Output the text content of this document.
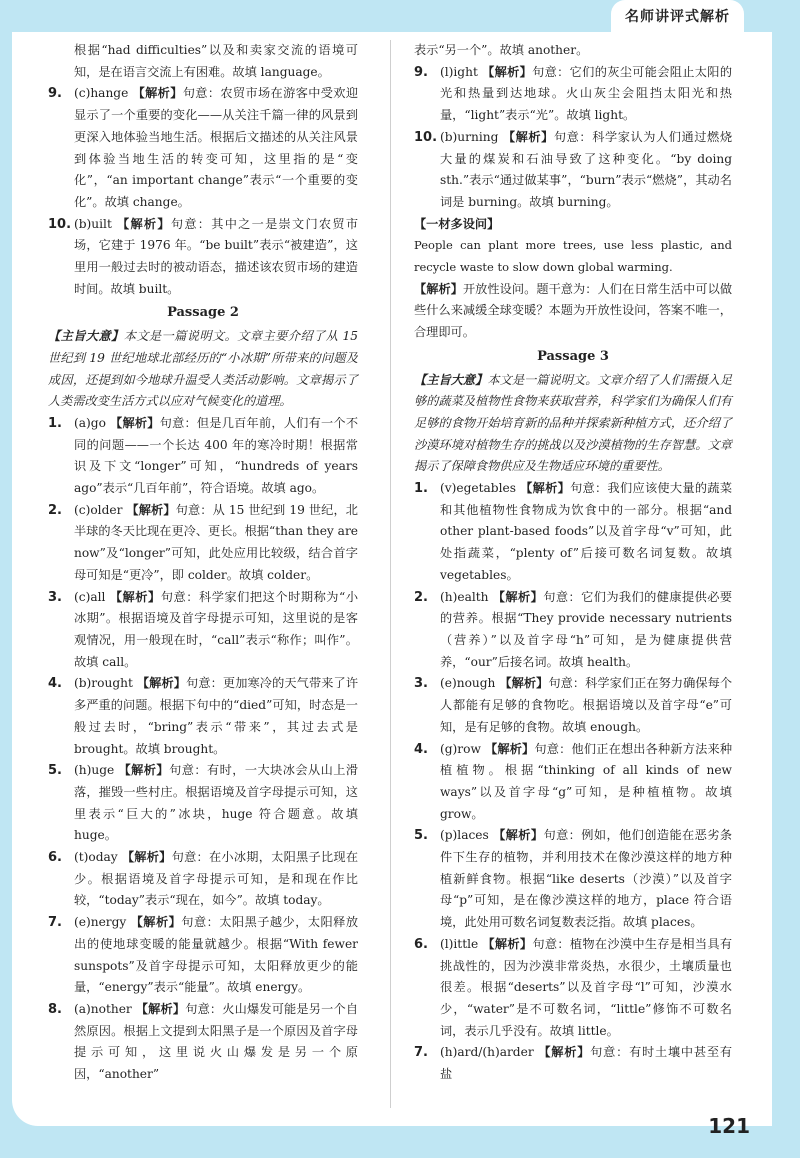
名师讲评式解析
根据“had difficulties”以及和卖家交流的语境可知，是在语言交流上有困难。故填 language。
9. (c)hange 【解析】句意：农贸市场在游客中受欢迎显示了一个重要的变化——从关注千篇一律的风景到更深入地体验当地生活。根据后文描述的从关注风景到体验当地生活的转变可知，这里指的是“变化”，“an important change”表示“一个重要的变化”。故填 change。
10. (b)uilt 【解析】句意：其中之一是崇文门农贸市场，它建于 1976 年。“be built”表示“被建造”，这里用一般过去时的被动语态，描述该农贸市场的建造时间。故填 built。
Passage 2
【主旨大意】本文是一篇说明文。文章主要介绍了从 15 世纪到 19 世纪地球北部经历的“小冰期”所带来的问题及成因，还提到如今地球升温受人类活动影响。文章揭示了人类需改变生活方式以应对气候变化的道理。
1. (a)go 【解析】句意：但是几百年前，人们有一个不同的问题——一个长达 400 年的寒冷时期！根据常识及下文“longer”可知，“hundreds of years ago”表示“几百年前”，符合语境。故填 ago。
2. (c)older 【解析】句意：从 15 世纪到 19 世纪，北半球的冬天比现在更冷、更长。根据“than they are now”及“longer”可知，此处应用比较级，结合首字母可知是“更冷”，即 colder。故填 colder。
3. (c)all 【解析】句意：科学家们把这个时期称为“小冰期”。根据语境及首字母提示可知，这里说的是客观情况，用一般现在时，“call”表示“称作；叫作”。故填 call。
4. (b)rought 【解析】句意：更加寒冷的天气带来了许多严重的问题。根据下句中的“died”可知，时态是一般过去时，“bring”表示“带来”，其过去式是 brought。故填 brought。
5. (h)uge 【解析】句意：有时，一大块冰会从山上滑落，摧毁一些村庄。根据语境及首字母提示可知，这里表示“巨大的”冰块，huge 符合题意。故填 huge。
6. (t)oday 【解析】句意：在小冰期，太阳黑子比现在少。根据语境及首字母提示可知，是和现在作比较，“today”表示“现在，如今”。故填 today。
7. (e)nergy 【解析】句意：太阳黑子越少，太阳释放出的使地球变暖的能量就越少。根据“With fewer sunspots”及首字母提示可知，太阳释放更少的能量，“energy”表示“能量”。故填 energy。
8. (a)nother 【解析】句意：火山爆发可能是另一个自然原因。根据上文提到太阳黑子是一个原因及首字母提示可知，这里说火山爆发是另一个原因，“another”
表示“另一个”。故填 another。
9. (l)ight 【解析】句意：它们的灰尘可能会阻止太阳的光和热量到达地球。火山灰尘会阻挡太阳光和热量，“light”表示“光”。故填 light。
10. (b)urning 【解析】句意：科学家认为人们通过燃烧大量的煤炭和石油导致了这种变化。“by doing sth.”表示“通过做某事”，“burn”表示“燃烧”，其动名词是 burning。故填 burning。
【一材多设问】
People can plant more trees, use less plastic, and recycle waste to slow down global warming.
【解析】开放性设问。题干意为：人们在日常生活中可以做些什么来减缓全球变暖？本题为开放性设问，答案不唯一，合理即可。
Passage 3
【主旨大意】本文是一篇说明文。文章介绍了人们需摄入足够的蔬菜及植物性食物来获取营养，科学家们为确保人们有足够的食物开始培育新的品种并探索新种植方式，还介绍了沙漠环境对植物生存的挑战以及沙漠植物的生存智慧。文章揭示了保障食物供应及生物适应环境的重要性。
1. (v)egetables 【解析】句意：我们应该使大量的蔬菜和其他植物性食物成为饮食中的一部分。根据“and other plant-based foods”以及首字母“v”可知，此处指蔬菜，“plenty of”后接可数名词复数。故填 vegetables。
2. (h)ealth 【解析】句意：它们为我们的健康提供必要的营养。根据“They provide necessary nutrients（营养）”以及首字母“h”可知，是为健康提供营养，“our”后接名词。故填 health。
3. (e)nough 【解析】句意：科学家们正在努力确保每个人都能有足够的食物吃。根据语境以及首字母“e”可知，是有足够的食物。故填 enough。
4. (g)row 【解析】句意：他们正在想出各种新方法来种植植物。根据“thinking of all kinds of new ways”以及首字母“g”可知，是种植植物。故填 grow。
5. (p)laces 【解析】句意：例如，他们创造能在恶劣条件下生存的植物，并利用技术在像沙漠这样的地方种植新鲜食物。根据“like deserts（沙漠）”以及首字母“p”可知，是在像沙漠这样的地方，place 符合语境，此处用可数名词复数表泛指。故填 places。
6. (l)ittle 【解析】句意：植物在沙漠中生存是相当具有挑战性的，因为沙漠非常炎热，水很少，土壤质量也很差。根据“deserts”以及首字母“l”可知，沙漠水少，“water”是不可数名词，“little”修饰不可数名词，表示几乎没有。故填 little。
7. (h)ard/(h)arder 【解析】句意：有时土壤中甚至有盐
121
